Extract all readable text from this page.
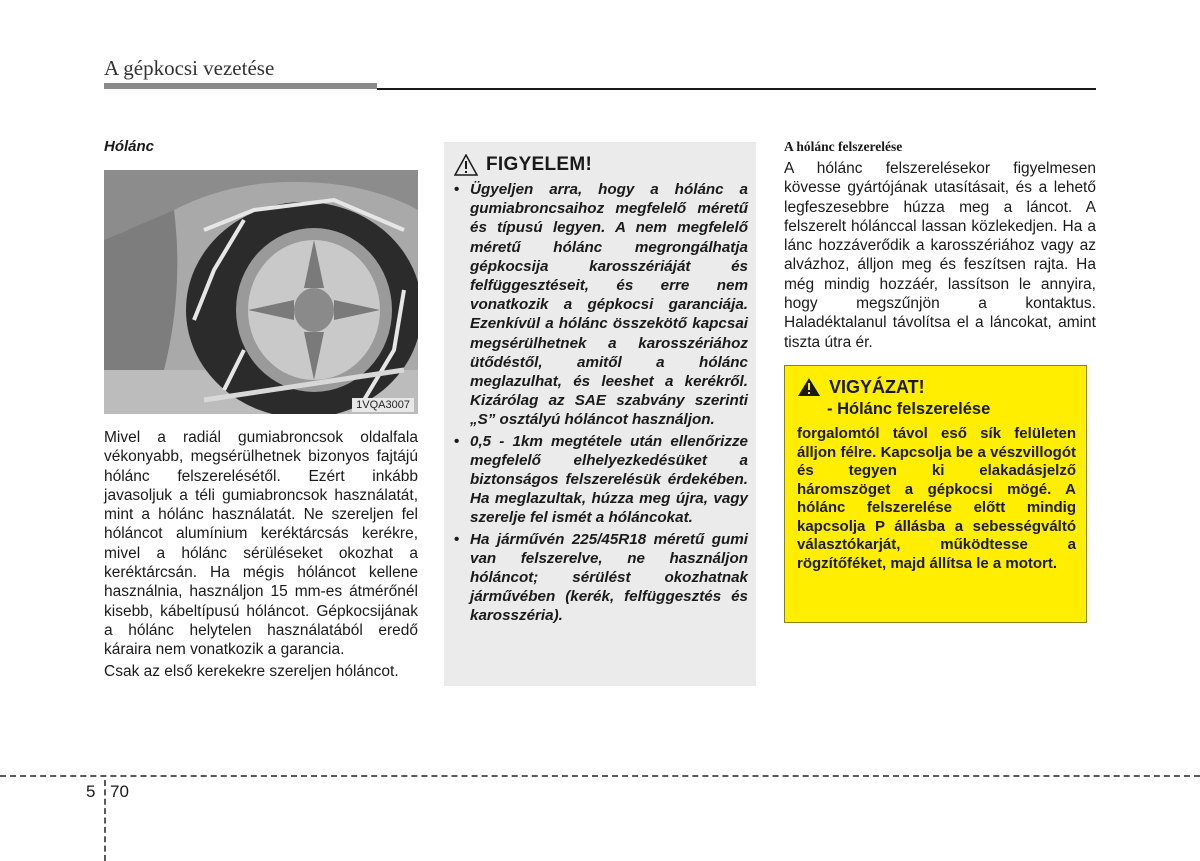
A gépkocsi vezetése
Hólánc
1VQA3007

Mivel a radiál gumiabroncsok oldalfala vékonyabb, megsérülhetnek bizonyos fajtájú hólánc felszerelésétől. Ezért inkább javasoljuk a téli gumiabroncsok használatát, mint a hólánc használatát. Ne szereljen fel hóláncot alumínium keréktárcsás kerékre, mivel a hólánc sérüléseket okozhat a keréktárcsán. Ha mégis hóláncot kellene használnia, használjon 15 mm-es átmérőnél kisebb, kábeltípusú hóláncot. Gépkocsijának a hólánc helytelen használatából eredő káraira nem vonatkozik a garancia.

Csak az első kerekekre szereljen hóláncot.

FIGYELEM!
• Ügyeljen arra, hogy a hólánc a gumiabroncsaihoz megfelelő méretű és típusú legyen. A nem megfelelő méretű hólánc megrongálhatja gépkocsija karosszériáját és felfüggesztéseit, és erre nem vonatkozik a gépkocsi garanciája. Ezenkívül a hólánc összekötő kapcsai megsérülhetnek a karosszériához ütődéstől, amitől a hólánc meglazulhat, és leeshet a kerékről. Kizárólag az SAE szabvány szerinti „S” osztályú hóláncot használjon.
• 0,5 - 1km megtétele után ellenőrizze megfelelő elhelyezkedésüket a biztonságos felszerelésük érdekében. Ha meglazultak, húzza meg újra, vagy szerelje fel ismét a hóláncokat.
• Ha járművén 225/45R18 méretű gumi van felszerelve, ne használjon hóláncot; sérülést okozhatnak járművében (kerék, felfüggesztés és karosszéria).
A hólánc felszerelése

A hólánc felszerelésekor figyelmesen kövesse gyártójának utasításait, és a lehető legfeszesebbre húzza meg a láncot. A felszerelt hólánccal lassan közlekedjen. Ha a lánc hozzáverődik a karosszériához vagy az alvázhoz, álljon meg és feszítsen rajta. Ha még mindig hozzáér, lassítson le annyira, hogy megszűnjön a kontaktus. Haladéktalanul távolítsa el a láncokat, amint tiszta útra ér.

VIGYÁZAT!
- Hólánc felszerelése

forgalomtól távol eső sík felületen álljon félre. Kapcsolja be a vészvillogót és tegyen ki elakadásjelző háromszöget a gépkocsi mögé. A hólánc felszerelése előtt mindig kapcsolja P állásba a sebességváltó választókarját, működtesse a rögzítőféket, majd állítsa le a motort.

5 70
